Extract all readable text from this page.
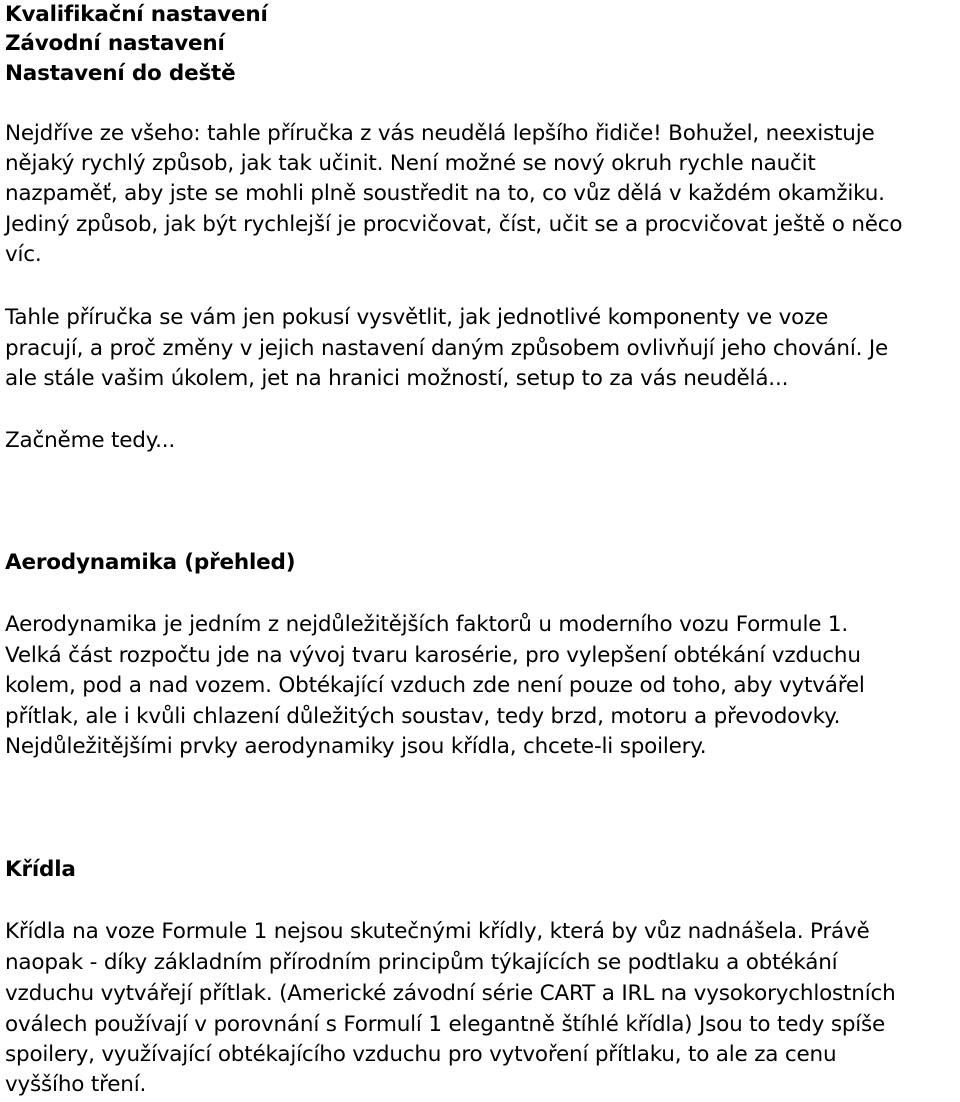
Kvalifikační nastavení

Závodní nastavení

Nastavení do deště

Nejdříve ze všeho: tahle příručka z vás neudělá lepšího řidiče! Bohužel, neexistuje

nějaký rychlý způsob, jak tak učinit. Není možné se nový okruh rychle naučit

nazpaměť, aby jste se mohli plně soustředit na to, co vůz dělá v každém okamžiku.

Jediný způsob, jak být rychlejší je procvičovat, číst, učit se a procvičovat ještě o něco

víc.

Tahle příručka se vám jen pokusí vysvětlit, jak jednotlivé komponenty ve voze

pracují, a proč změny v jejich nastavení daným způsobem ovlivňují jeho chování. Je

ale stále vašim úkolem, jet na hranici možností, setup to za vás neudělá...

Začněme tedy...

Aerodynamika (přehled)

Aerodynamika je jedním z nejdůležitějších faktorů u moderního vozu Formule 1.

Velká část rozpočtu jde na vývoj tvaru karosérie, pro vylepšení obtékání vzduchu

kolem, pod a nad vozem. Obtékající vzduch zde není pouze od toho, aby vytvářel

přítlak, ale i kvůli chlazení důležitých soustav, tedy brzd, motoru a převodovky.

Nejdůležitějšími prvky aerodynamiky jsou křídla, chcete-li spoilery.

Křídla

Křídla na voze Formule 1 nejsou skutečnými křídly, která by vůz nadnášela. Právě

naopak - díky základním přírodním principům týkajících se podtlaku a obtékání

vzduchu vytvářejí přítlak. (Americké závodní série CART a IRL na vysokorychlostních

oválech používají v porovnání s Formulí 1 elegantně štíhlé křídla) Jsou to tedy spíše

spoilery, využívající obtékajícího vzduchu pro vytvoření přítlaku, to ale za cenu

vyššího tření.
